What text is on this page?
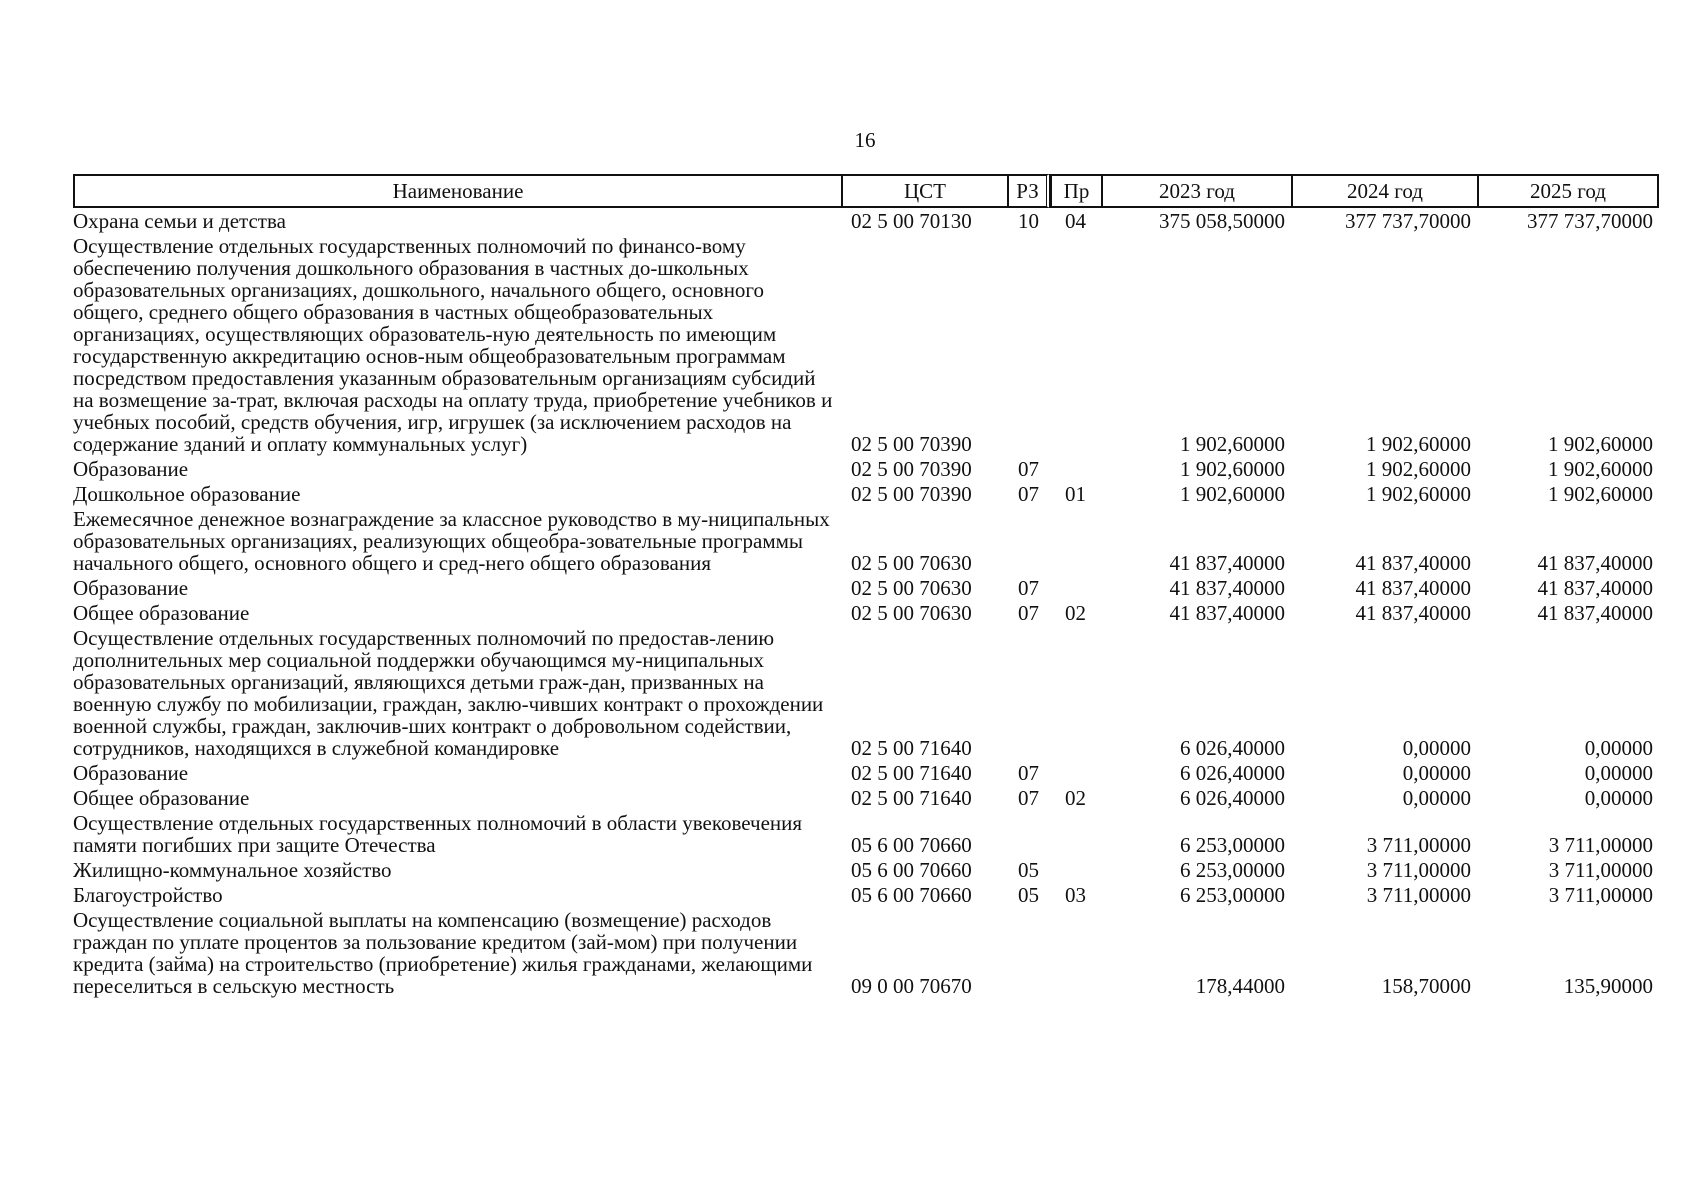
16
Наименование	ЦСТ	РЗ	Пр	2023 год	2024 год	2025 год
Охрана семьи и детства	02 5 00 70130	10	04	375 058,50000	377 737,70000	377 737,70000
Осуществление отдельных государственных полномочий по финансо-вому обеспечению получения дошкольного образования в частных до-школьных образовательных организациях, дошкольного, начального общего, основного общего, среднего общего образования в частных общеобразовательных организациях, осуществляющих образователь-ную деятельность по имеющим государственную аккредитацию основ-ным общеобразовательным программам посредством предоставления указанным образовательным организациям субсидий на возмещение за-трат, включая расходы на оплату труда, приобретение учебников и учебных пособий, средств обучения, игр, игрушек (за исключением расходов на содержание зданий и оплату коммунальных услуг)	02 5 00 70390			1 902,60000	1 902,60000	1 902,60000
Образование	02 5 00 70390	07		1 902,60000	1 902,60000	1 902,60000
Дошкольное образование	02 5 00 70390	07	01	1 902,60000	1 902,60000	1 902,60000
Ежемесячное денежное вознаграждение за классное руководство в му-ниципальных образовательных организациях, реализующих общеобра-зовательные программы начального общего, основного общего и сред-него общего образования	02 5 00 70630			41 837,40000	41 837,40000	41 837,40000
Образование	02 5 00 70630	07		41 837,40000	41 837,40000	41 837,40000
Общее образование	02 5 00 70630	07	02	41 837,40000	41 837,40000	41 837,40000
Осуществление отдельных государственных полномочий по предостав-лению дополнительных мер социальной поддержки обучающимся му-ниципальных образовательных организаций, являющихся детьми граж-дан, призванных на военную службу по мобилизации, граждан, заклю-чивших контракт о прохождении военной службы, граждан, заключив-ших контракт о добровольном содействии, сотрудников, находящихся в служебной командировке	02 5 00 71640			6 026,40000	0,00000	0,00000
Образование	02 5 00 71640	07		6 026,40000	0,00000	0,00000
Общее образование	02 5 00 71640	07	02	6 026,40000	0,00000	0,00000
Осуществление отдельных государственных полномочий в области увековечения памяти погибших при защите Отечества	05 6 00 70660			6 253,00000	3 711,00000	3 711,00000
Жилищно-коммунальное хозяйство	05 6 00 70660	05		6 253,00000	3 711,00000	3 711,00000
Благоустройство	05 6 00 70660	05	03	6 253,00000	3 711,00000	3 711,00000
Осуществление социальной выплаты на компенсацию (возмещение) расходов граждан по уплате процентов за пользование кредитом (зай-мом) при получении кредита (займа) на строительство (приобретение) жилья гражданами, желающими переселиться в сельскую местность	09 0 00 70670			178,44000	158,70000	135,90000
